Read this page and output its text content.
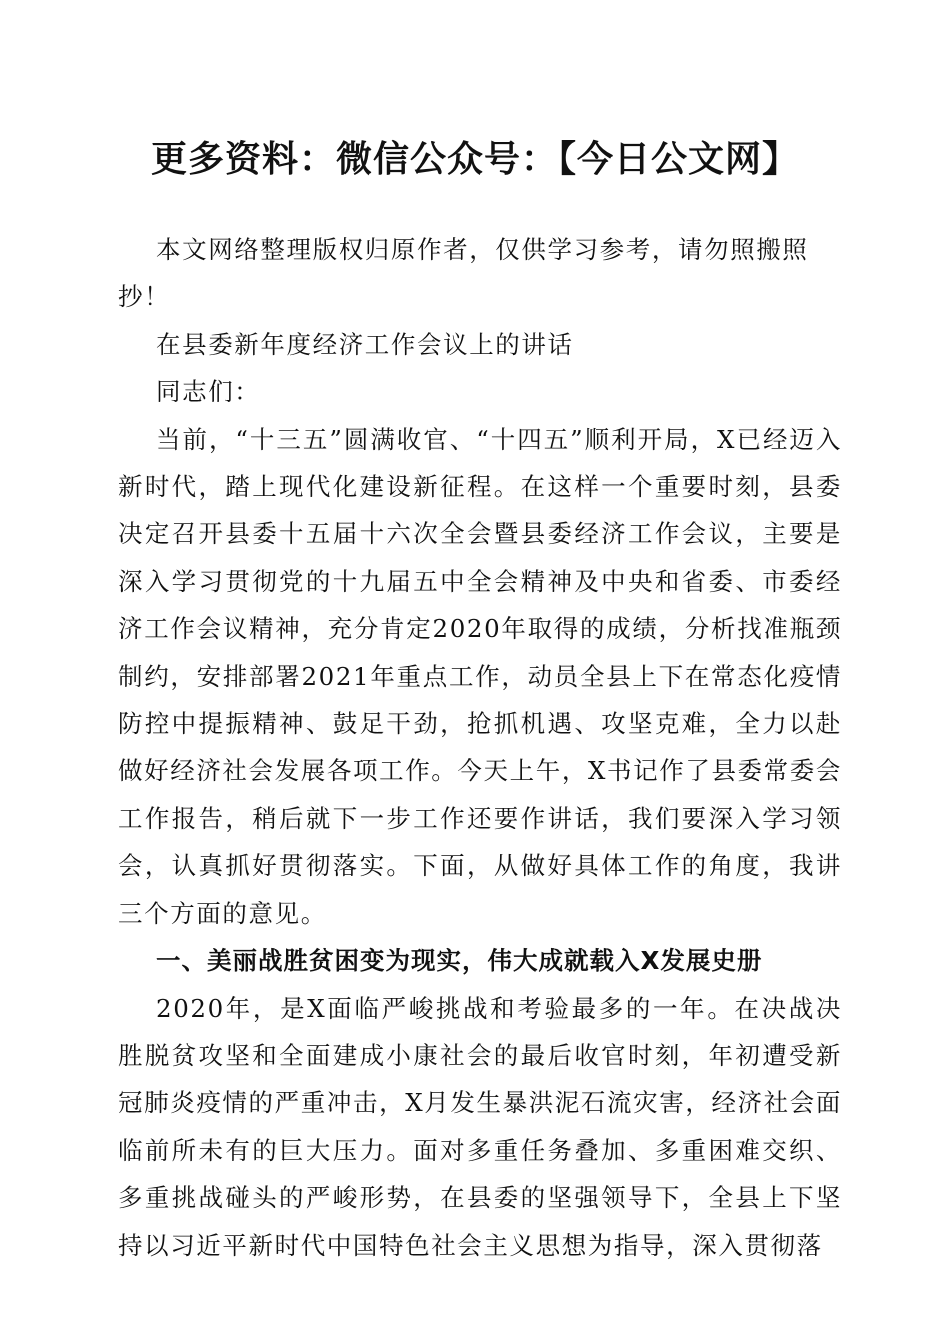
更多资料：微信公众号：【今日公文网】

本文网络整理版权归原作者，仅供学习参考，请勿照搬照抄！

在县委新年度经济工作会议上的讲话

同志们：

当前，“十三五”圆满收官、“十四五”顺利开局，X已经迈入新时代，踏上现代化建设新征程。在这样一个重要时刻，县委决定召开县委十五届十六次全会暨县委经济工作会议，主要是深入学习贯彻党的十九届五中全会精神及中央和省委、市委经济工作会议精神，充分肯定2020年取得的成绩，分析找准瓶颈制约，安排部署2021年重点工作，动员全县上下在常态化疫情防控中提振精神、鼓足干劲，抢抓机遇、攻坚克难，全力以赴做好经济社会发展各项工作。今天上午，X书记作了县委常委会工作报告，稍后就下一步工作还要作讲话，我们要深入学习领会，认真抓好贯彻落实。下面，从做好具体工作的角度，我讲三个方面的意见。

一、美丽战胜贫困变为现实，伟大成就载入X发展史册

2020年，是X面临严峻挑战和考验最多的一年。在决战决胜脱贫攻坚和全面建成小康社会的最后收官时刻，年初遭受新冠肺炎疫情的严重冲击，X月发生暴洪泥石流灾害，经济社会面临前所未有的巨大压力。面对多重任务叠加、多重困难交织、多重挑战碰头的严峻形势，在县委的坚强领导下，全县上下坚持以习近平新时代中国特色社会主义思想为指导，深入贯彻落
